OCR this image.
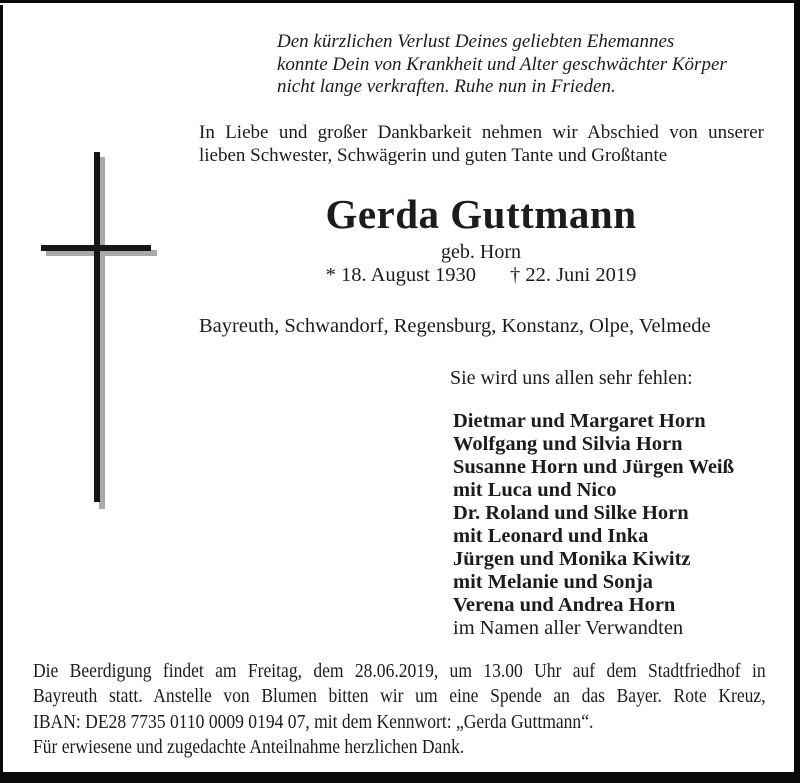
Den kürzlichen Verlust Deines geliebten Ehemannes
konnte Dein von Krankheit und Alter geschwächter Körper
nicht lange verkraften. Ruhe nun in Frieden.
In Liebe und großer Dankbarkeit nehmen wir Abschied von unserer
lieben Schwester, Schwägerin und guten Tante und Großtante
Gerda Guttmann
geb. Horn
* 18. August 1930 † 22. Juni 2019
Bayreuth, Schwandorf, Regensburg, Konstanz, Olpe, Velmede
Sie wird uns allen sehr fehlen:
Dietmar und Margaret Horn
Wolfgang und Silvia Horn
Susanne Horn und Jürgen Weiß
mit Luca und Nico
Dr. Roland und Silke Horn
mit Leonard und Inka
Jürgen und Monika Kiwitz
mit Melanie und Sonja
Verena und Andrea Horn
im Namen aller Verwandten
Die Beerdigung findet am Freitag, dem 28.06.2019, um 13.00 Uhr auf dem Stadtfriedhof in
Bayreuth statt. Anstelle von Blumen bitten wir um eine Spende an das Bayer. Rote Kreuz,
IBAN: DE28 7735 0110 0009 0194 07, mit dem Kennwort: „Gerda Guttmann“.
Für erwiesene und zugedachte Anteilnahme herzlichen Dank.
